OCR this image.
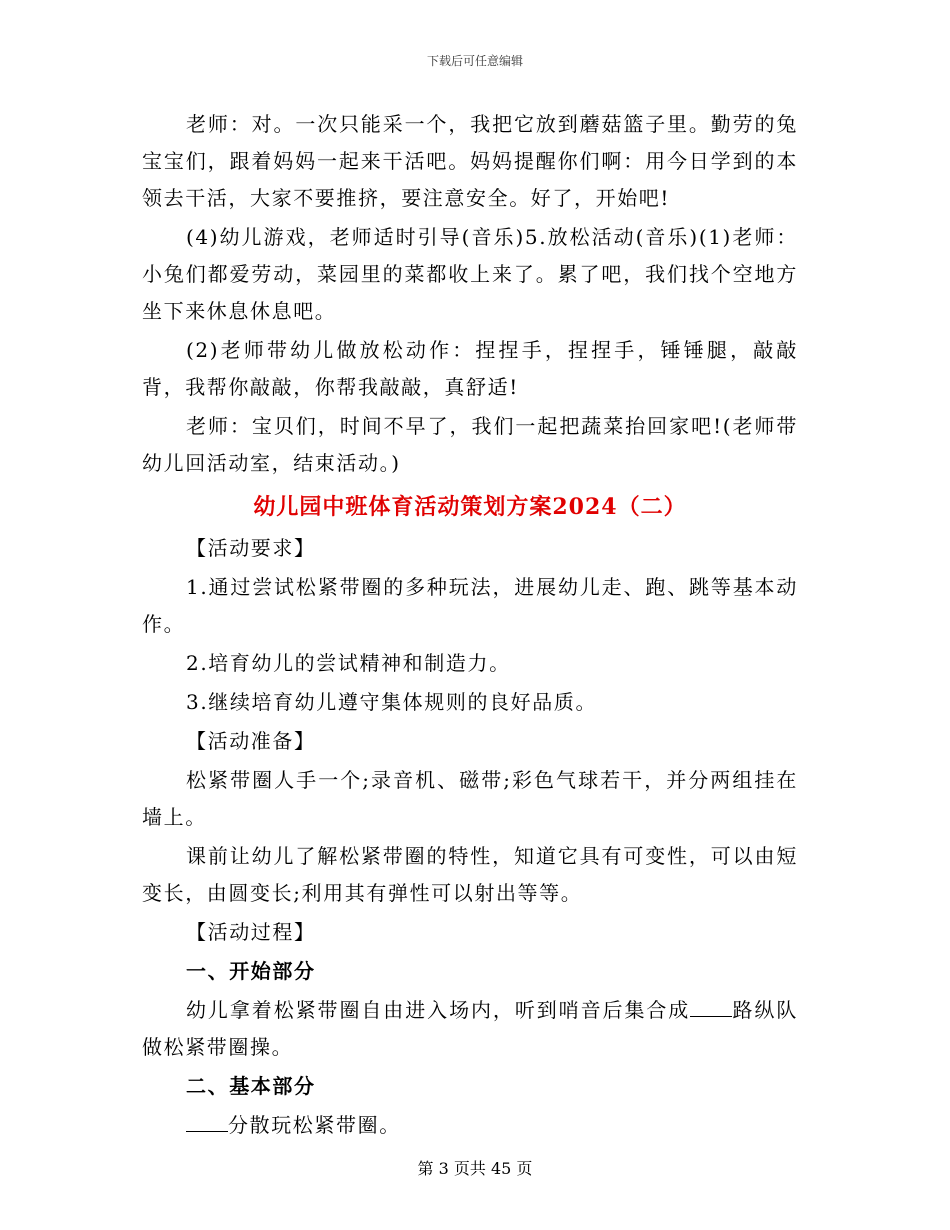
下载后可任意编辑

老师：对。一次只能采一个，我把它放到蘑菇篮子里。勤劳的兔宝宝们，跟着妈妈一起来干活吧。妈妈提醒你们啊：用今日学到的本领去干活，大家不要推挤，要注意安全。好了，开始吧!

(4)幼儿游戏，老师适时引导(音乐)5.放松活动(音乐)(1)老师：小兔们都爱劳动，菜园里的菜都收上来了。累了吧，我们找个空地方坐下来休息休息吧。

(2)老师带幼儿做放松动作：捏捏手，捏捏手，锤锤腿，敲敲背，我帮你敲敲，你帮我敲敲，真舒适!

老师：宝贝们，时间不早了，我们一起把蔬菜抬回家吧!(老师带幼儿回活动室，结束活动。)

幼儿园中班体育活动策划方案2024（二）

【活动要求】

1.通过尝试松紧带圈的多种玩法，进展幼儿走、跑、跳等基本动作。

2.培育幼儿的尝试精神和制造力。

3.继续培育幼儿遵守集体规则的良好品质。

【活动准备】

松紧带圈人手一个;录音机、磁带;彩色气球若干，并分两组挂在墙上。

课前让幼儿了解松紧带圈的特性，知道它具有可变性，可以由短变长，由圆变长;利用其有弹性可以射出等等。

【活动过程】

一、开始部分

幼儿拿着松紧带圈自由进入场内，听到哨音后集合成 路纵队做松紧带圈操。

二、基本部分

分散玩松紧带圈。

第 3 页共 45 页
